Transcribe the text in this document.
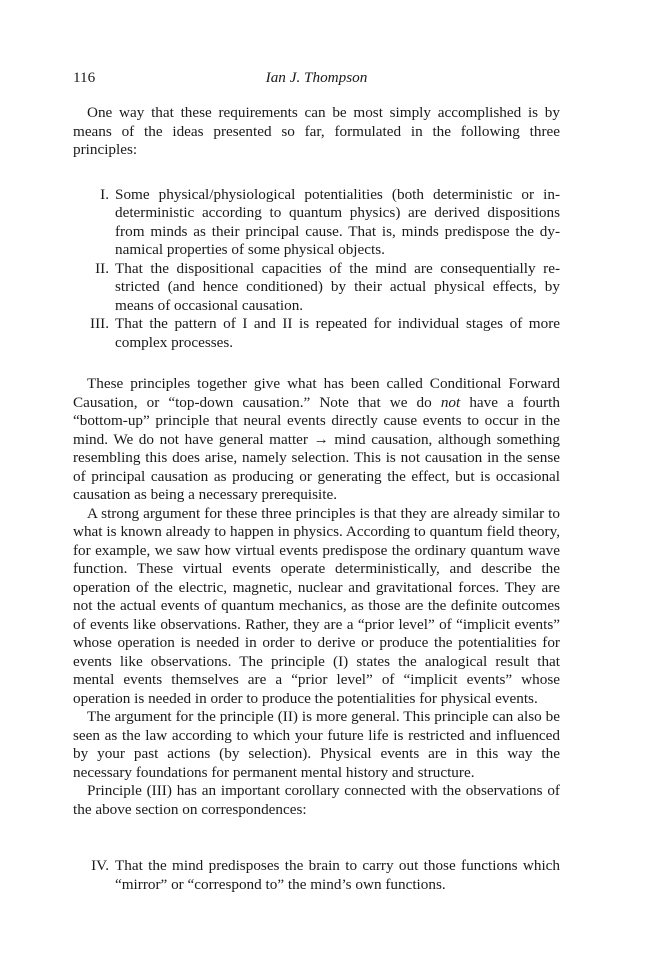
116	Ian J. Thompson

One way that these requirements can be most simply accomplished is by means of the ideas presented so far, formulated in the following three principles:

I. Some physical/physiological potentialities (both deterministic or indeterministic according to quantum physics) are derived dispositions from minds as their principal cause. That is, minds predispose the dynamical properties of some physical objects.
II. That the dispositional capacities of the mind are consequentially restricted (and hence conditioned) by their actual physical effects, by means of occasional causation.
III. That the pattern of I and II is repeated for individual stages of more complex processes.

These principles together give what has been called Conditional Forward Causation, or “top-down causation.” Note that we do not have a fourth “bottom-up” principle that neural events directly cause events to occur in the mind. We do not have general matter → mind causation, although something resembling this does arise, namely selection. This is not causation in the sense of principal causation as producing or generating the effect, but is occasional causation as being a necessary prerequisite.

A strong argument for these three principles is that they are already similar to what is known already to happen in physics. According to quantum field theory, for example, we saw how virtual events predispose the ordinary quantum wave function. These virtual events operate deterministically, and describe the operation of the electric, magnetic, nuclear and gravitational forces. They are not the actual events of quantum mechanics, as those are the definite outcomes of events like observations. Rather, they are a “prior level” of “implicit events” whose operation is needed in order to derive or produce the potentialities for events like observations. The principle (I) states the analogical result that mental events themselves are a “prior level” of “implicit events” whose operation is needed in order to produce the potentialities for physical events.

The argument for the principle (II) is more general. This principle can also be seen as the law according to which your future life is restricted and influenced by your past actions (by selection). Physical events are in this way the necessary foundations for permanent mental history and structure.

Principle (III) has an important corollary connected with the observations of the above section on correspondences:

IV. That the mind predisposes the brain to carry out those functions which “mirror” or “correspond to” the mind’s own functions.
